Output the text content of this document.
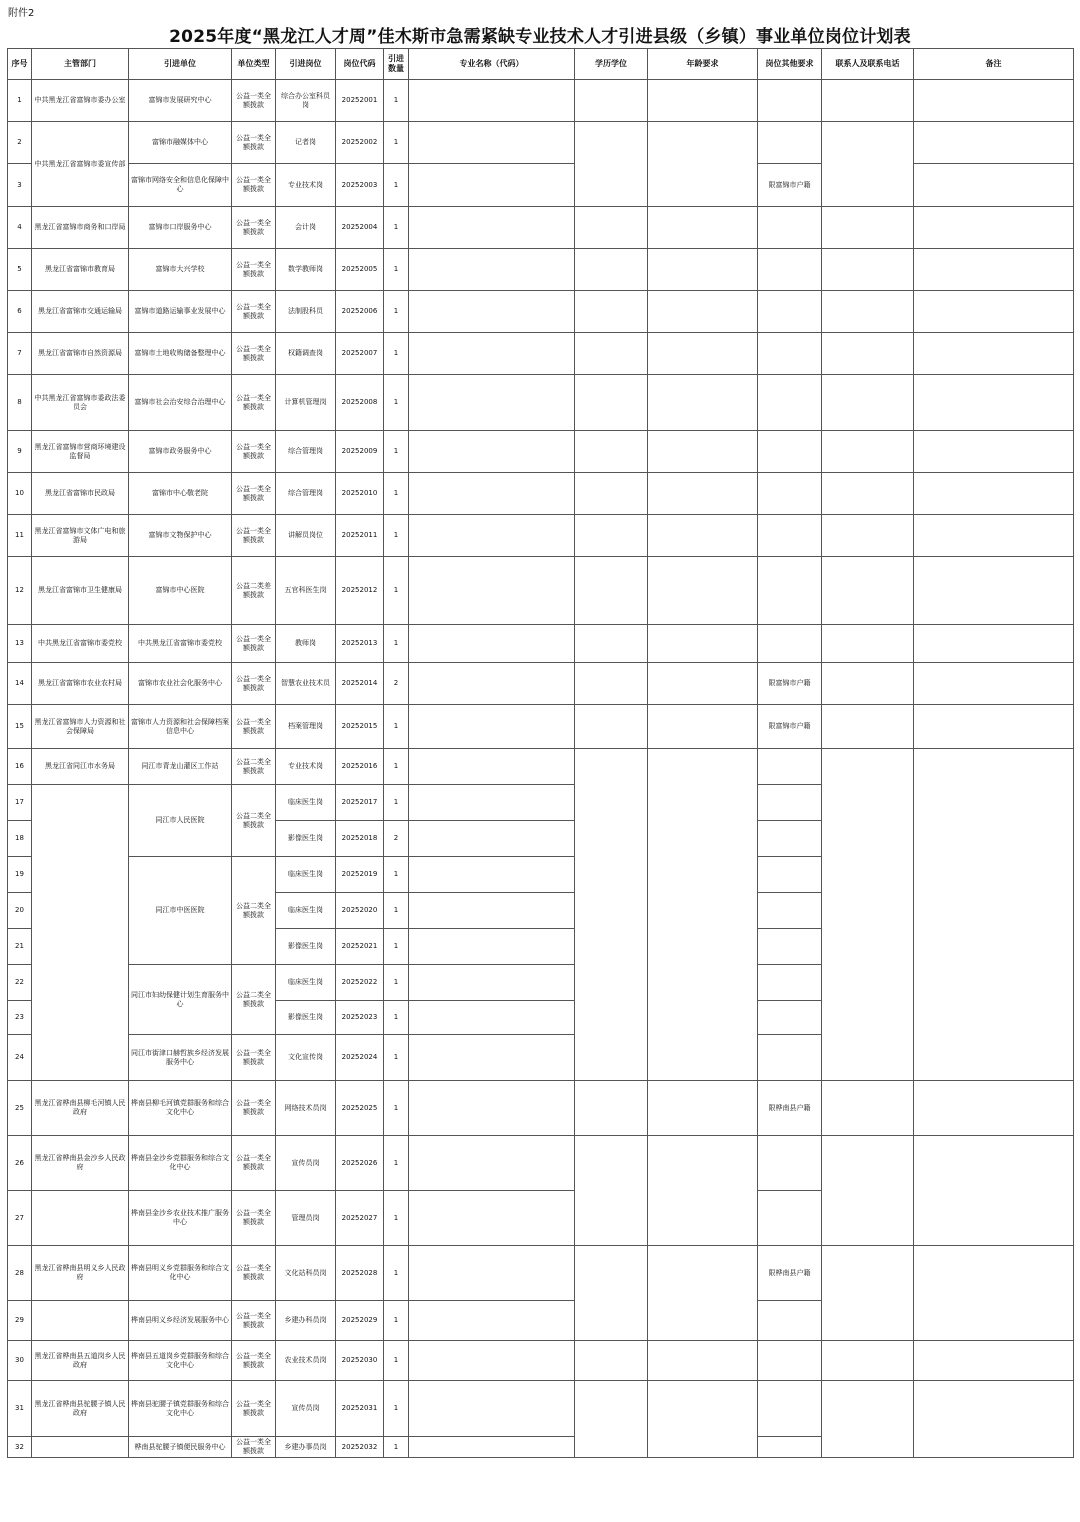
附件2
2025年度“黑龙江人才周”佳木斯市急需紧缺专业技术人才引进县级（乡镇）事业单位岗位计划表
序号	主管部门	引进单位	单位类型	引进岗位	岗位代码	引进数量	专业名称（代码）	学历学位	年龄要求	岗位其他要求	联系人及联系电话	备注
1	中共黑龙江省富锦市委办公室	富锦市发展研究中心	公益一类全额拨款	综合办公室科员岗	20252001	1						
2	中共黑龙江省富锦市委宣传部	富锦市融媒体中心	公益一类全额拨款	记者岗	20252002	1						
3		富锦市网络安全和信息化保障中心	公益一类全额拨款	专业技术岗	20252003	1				限富锦市户籍		
4	黑龙江省富锦市商务和口岸局	富锦市口岸服务中心	公益一类全额拨款	会计岗	20252004	1						
5	黑龙江省富锦市教育局	富锦市大兴学校	公益一类全额拨款	数学教师岗	20252005	1						
6	黑龙江省富锦市交通运输局	富锦市道路运输事业发展中心	公益一类全额拨款	法制股科员	20252006	1						
7	黑龙江省富锦市自然资源局	富锦市土地收购储备整理中心	公益一类全额拨款	权籍调查岗	20252007	1						
8	中共黑龙江省富锦市委政法委员会	富锦市社会治安综合治理中心	公益一类全额拨款	计算机管理岗	20252008	1						
9	黑龙江省富锦市营商环境建设监督局	富锦市政务服务中心	公益一类全额拨款	综合管理岗	20252009	1						
10	黑龙江省富锦市民政局	富锦市中心敬老院	公益一类全额拨款	综合管理岗	20252010	1						
11	黑龙江省富锦市文体广电和旅游局	富锦市文物保护中心	公益一类全额拨款	讲解员岗位	20252011	1						
12	黑龙江省富锦市卫生健康局	富锦市中心医院	公益二类差额拨款	五官科医生岗	20252012	1						
13	中共黑龙江省富锦市委党校	中共黑龙江省富锦市委党校	公益一类全额拨款	教师岗	20252013	1						
14	黑龙江省富锦市农业农村局	富锦市农业社会化服务中心	公益一类全额拨款	智慧农业技术员	20252014	2				限富锦市户籍		
15	黑龙江省富锦市人力资源和社会保障局	富锦市人力资源和社会保障档案信息中心	公益一类全额拨款	档案管理岗	20252015	1				限富锦市户籍		
16	黑龙江省同江市水务局	同江市青龙山灌区工作站	公益二类全额拨款	专业技术岗	20252016	1						
17		同江市人民医院	公益二类全额拨款	临床医生岗	20252017	1						
18				影像医生岗	20252018	2						
19		同江市中医医院	公益二类全额拨款	临床医生岗	20252019	1						
20				临床医生岗	20252020	1						
21				影像医生岗	20252021	1						
22		同江市妇幼保健计划生育服务中心	公益二类全额拨款	临床医生岗	20252022	1						
23				影像医生岗	20252023	1						
24		同江市街津口赫哲族乡经济发展服务中心	公益一类全额拨款	文化宣传岗	20252024	1						
25	黑龙江省桦南县柳毛河镇人民政府	桦南县柳毛河镇党群服务和综合文化中心	公益一类全额拨款	网络技术员岗	20252025	1				限桦南县户籍		
26	黑龙江省桦南县金沙乡人民政府	桦南县金沙乡党群服务和综合文化中心	公益一类全额拨款	宣传员岗	20252026	1						
27		桦南县金沙乡农业技术推广服务中心	公益一类全额拨款	管理员岗	20252027	1						
28	黑龙江省桦南县明义乡人民政府	桦南县明义乡党群服务和综合文化中心	公益一类全额拨款	文化站科员岗	20252028	1				限桦南县户籍		
29		桦南县明义乡经济发展服务中心	公益一类全额拨款	乡建办科员岗	20252029	1						
30	黑龙江省桦南县五道岗乡人民政府	桦南县五道岗乡党群服务和综合文化中心	公益一类全额拨款	农业技术员岗	20252030	1						
31	黑龙江省桦南县驼腰子镇人民政府	桦南县驼腰子镇党群服务和综合文化中心	公益一类全额拨款	宣传员岗	20252031	1						
32		桦南县驼腰子镇便民服务中心	公益一类全额拨款	乡建办事员岗	20252032	1						
